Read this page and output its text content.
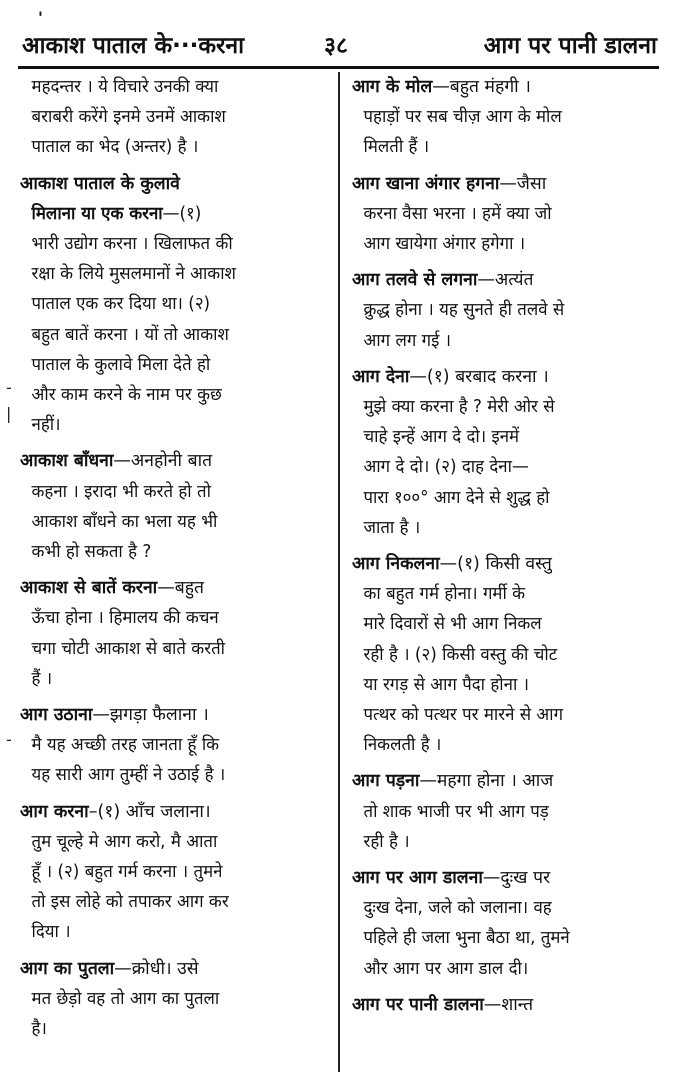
'
आकाश पाताल के···करना	३८	आग पर पानी डालना
-
|
-
महदन्तर । ये विचारे उनकी क्या
बराबरी करेंगे इनमे उनमें आकाश
पाताल का भेद (अन्तर) है ।
आकाश पाताल के कुलावे
मिलाना या एक करना—(१)
भारी उद्योग करना । खिलाफत की
रक्षा के लिये मुसलमानों ने आकाश
पाताल एक कर दिया था। (२)
बहुत बातें करना । यों तो आकाश
पाताल के कुलावे मिला देते हो
और काम करने के नाम पर कुछ
नहीं।
आकाश बाँधना—अनहोनी बात
कहना । इरादा भी करते हो तो
आकाश बाँधने का भला यह भी
कभी हो सकता है ?
आकाश से बातें करना—बहुत
ऊँचा होना । हिमालय की कचन
चगा चोटी आकाश से बाते करती
हैं ।
आग उठाना—झगड़ा फैलाना ।
मै यह अच्छी तरह जानता हूँ कि
यह सारी आग तुम्हीं ने उठाई है ।
आग करना–(१) आँच जलाना।
तुम चूल्हे मे आग करो, मै आता
हूँ । (२) बहुत गर्म करना । तुमने
तो इस लोहे को तपाकर आग कर
दिया ।
आग का पुतला—क्रोधी। उसे
मत छेड़ो वह तो आग का पुतला
है।
आग के मोल—बहुत मंहगी ।
पहाड़ों पर सब चीज़ आग के मोल
मिलती हैं ।
आग खाना अंगार हगना—जैसा
करना वैसा भरना । हमें क्या जो
आग खायेगा अंगार हगेगा ।
आग तलवे से लगना—अत्यंत
क्रुद्ध होना । यह सुनते ही तलवे से
आग लग गई ।
आग देना—(१) बरबाद करना ।
मुझे क्या करना है ? मेरी ओर से
चाहे इन्हें आग दे दो। इनमें
आग दे दो। (२) दाह देना—
पारा १००° आग देने से शुद्ध हो
जाता है ।
आग निकलना—(१) किसी वस्तु
का बहुत गर्म होना। गर्मी के
मारे दिवारों से भी आग निकल
रही है । (२) किसी वस्तु की चोट
या रगड़ से आग पैदा होना ।
पत्थर को पत्थर पर मारने से आग
निकलती है ।
आग पड़ना—महगा होना । आज
तो शाक भाजी पर भी आग पड़
रही है ।
आग पर आग डालना—दुःख पर
दुःख देना, जले को जलाना। वह
पहिले ही जला भुना बैठा था, तुमने
और आग पर आग डाल दी।
आग पर पानी डालना—शान्त
